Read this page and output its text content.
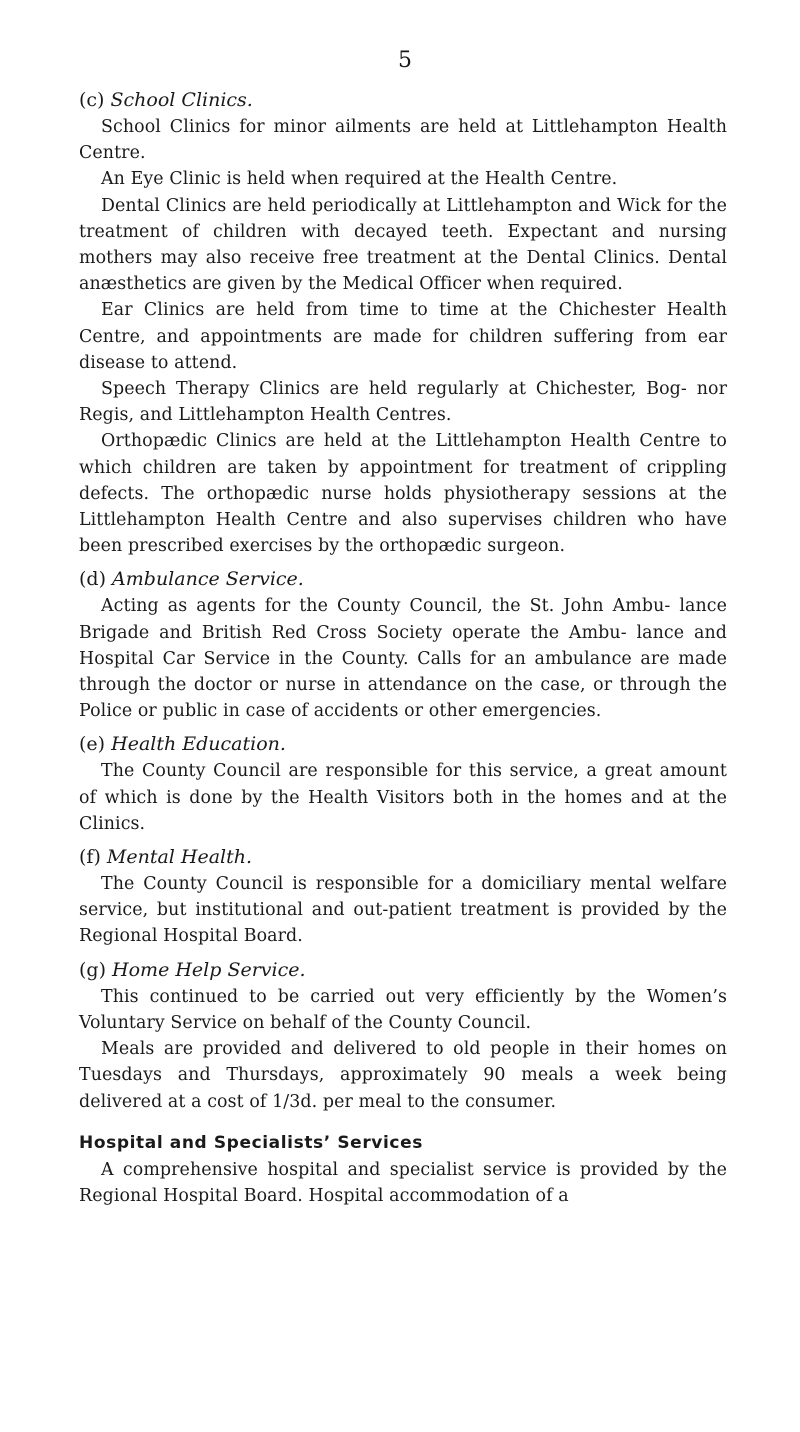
5
(c) School Clinics.

School Clinics for minor ailments are held at Littlehampton Health Centre.

An Eye Clinic is held when required at the Health Centre.

Dental Clinics are held periodically at Littlehampton and Wick for the treatment of children with decayed teeth. Expectant and nursing mothers may also receive free treatment at the Dental Clinics. Dental anæsthetics are given by the Medical Officer when required.

Ear Clinics are held from time to time at the Chichester Health Centre, and appointments are made for children suffering from ear disease to attend.

Speech Therapy Clinics are held regularly at Chichester, Bog- nor Regis, and Littlehampton Health Centres.

Orthopædic Clinics are held at the Littlehampton Health Centre to which children are taken by appointment for treatment of crippling defects. The orthopædic nurse holds physiotherapy sessions at the Littlehampton Health Centre and also supervises children who have been prescribed exercises by the orthopædic surgeon.

(d) Ambulance Service.

Acting as agents for the County Council, the St. John Ambu- lance Brigade and British Red Cross Society operate the Ambu- lance and Hospital Car Service in the County. Calls for an ambulance are made through the doctor or nurse in attendance on the case, or through the Police or public in case of accidents or other emergencies.

(e) Health Education.

The County Council are responsible for this service, a great amount of which is done by the Health Visitors both in the homes and at the Clinics.

(f) Mental Health.

The County Council is responsible for a domiciliary mental welfare service, but institutional and out-patient treatment is provided by the Regional Hospital Board.

(g) Home Help Service.

This continued to be carried out very efficiently by the Women’s Voluntary Service on behalf of the County Council.

Meals are provided and delivered to old people in their homes on Tuesdays and Thursdays, approximately 90 meals a week being delivered at a cost of 1/3d. per meal to the consumer.

Hospital and Specialists’ Services

A comprehensive hospital and specialist service is provided by the Regional Hospital Board. Hospital accommodation of a
